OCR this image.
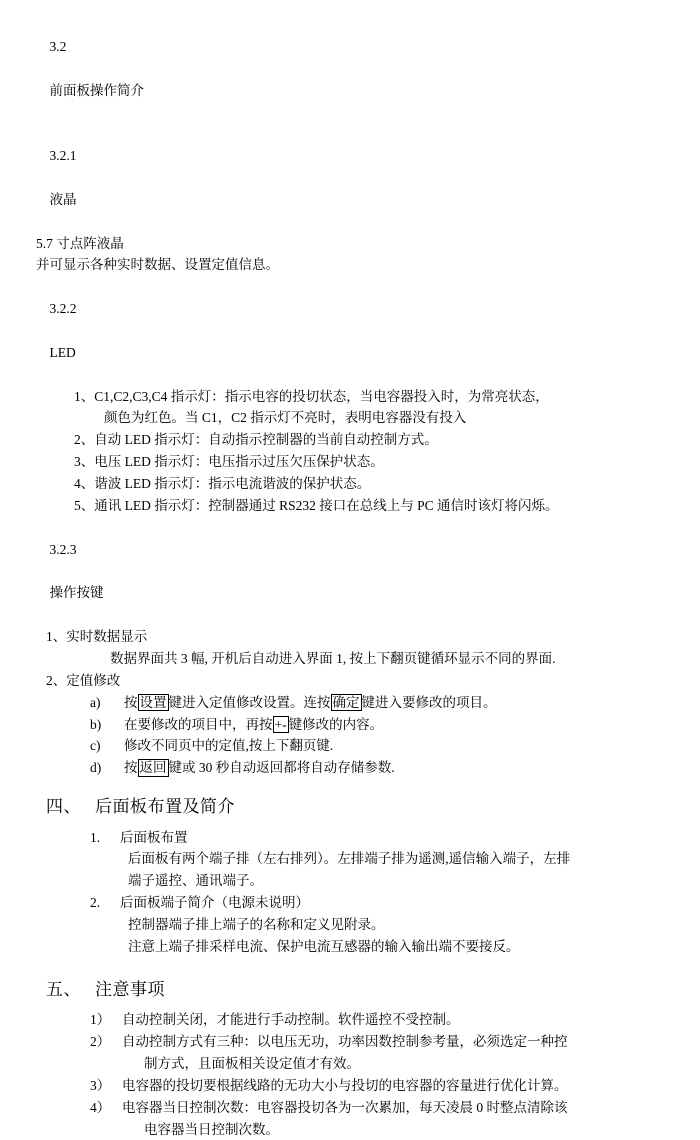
3.2

前面板操作简介

3.2.1

液晶

5.7 寸点阵液晶
并可显示各种实时数据、设置定值信息。

3.2.2

LED

1、 C1,C2,C3,C4 指示灯：指示电容的投切状态，当电容器投入时，为常亮状态，

颜色为红色。当 C1，C2 指示灯不亮时，表明电容器没有投入
2、 自动 LED 指示灯：自动指示控制器的当前自动控制方式。
3、 电压 LED 指示灯：电压指示过压欠压保护状态。
4、 谐波 LED 指示灯：指示电流谐波的保护状态。
5、 通讯 LED 指示灯：控制器通过 RS232 接口在总线上与 PC 通信时该灯将闪烁。

3.2.3

操作按键

1、 实时数据显示
数据界面共 3 幅, 开机后自动进入界面 1, 按上下翻页键循环显示不同的界面.
2、 定值修改
a)	按 设置 键进入定值修改设置。连按 确定 键进入要修改的项目。
b)	在要修改的项目中，再按 +- 键修改的内容。
c)	修改不同页中的定值,按上下翻页键.
d)	按 返回 键或 30 秒自动返回都将自动存储参数.
四、 后面板布置及简介
1.	后面板布置
后面板有两个端子排（左右排列）。左排端子排为遥测,遥信输入端子，左排
端子遥控、通讯端子。
2.	后面板端子简介（电源未说明）
控制器端子排上端子的名称和定义见附录。
注意上端子排采样电流、保护电流互感器的输入输出端不要接反。
五、 注意事项
1） 自动控制关闭，才能进行手动控制。软件遥控不受控制。
2） 自动控制方式有三种：以电压无功，功率因数控制参考量，必须选定一种控
制方式，且面板相关设定值才有效。
3） 电容器的投切要根据线路的无功大小与投切的电容器的容量进行优化计算。
4） 电容器当日控制次数：电容器投切各为一次累加，每天凌晨 0 时整点清除该
电容器当日控制次数。
